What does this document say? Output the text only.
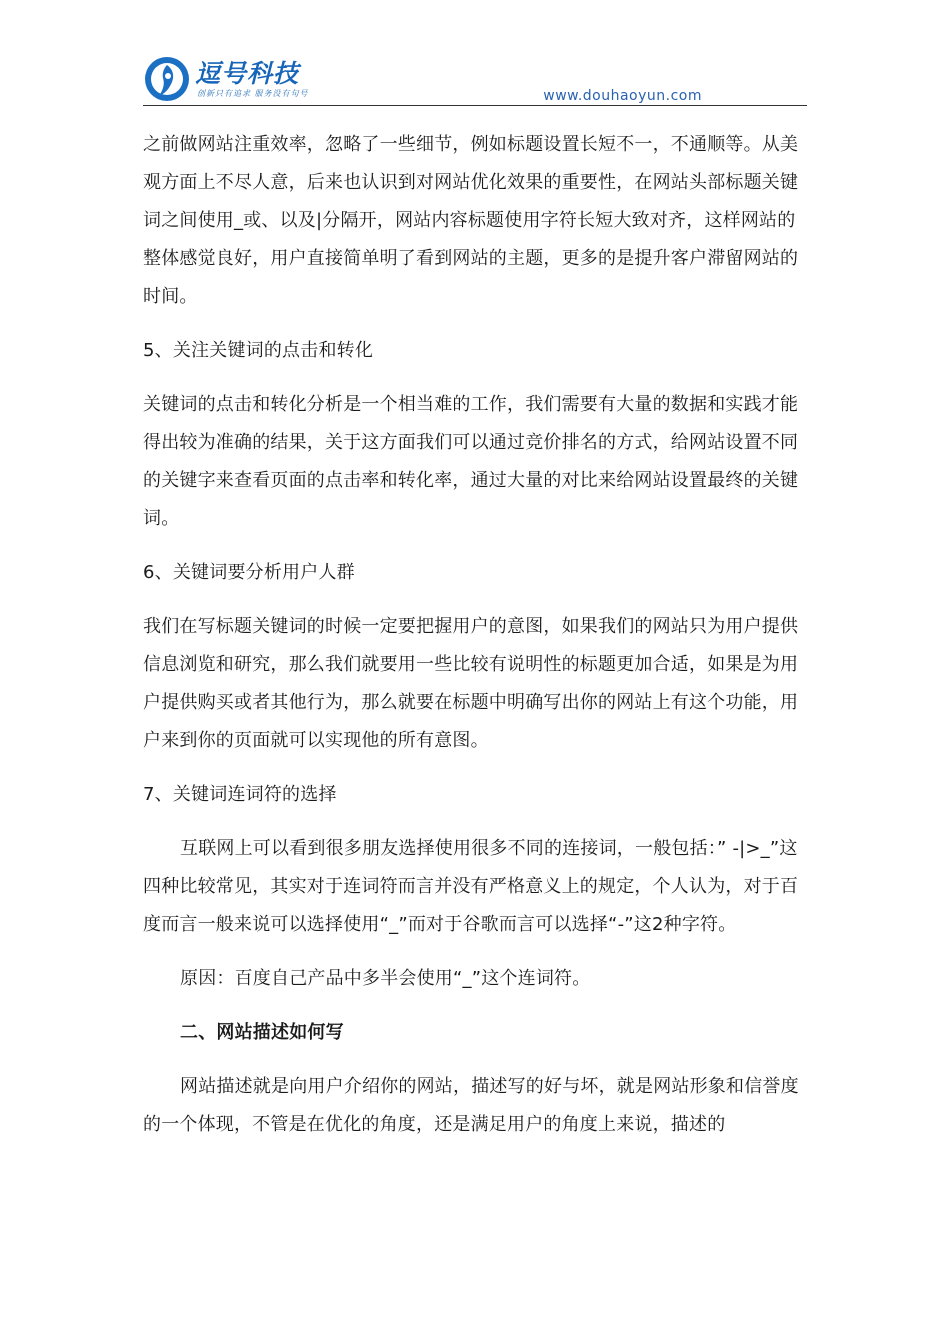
逗号科技
创新只有追求 服务没有句号	www.douhaoyun.com

之前做网站注重效率，忽略了一些细节，例如标题设置长短不一，不通顺等。从美观方面上不尽人意，后来也认识到对网站优化效果的重要性，在网站头部标题关键词之间使用_或、以及|分隔开，网站内容标题使用字符长短大致对齐，这样网站的整体感觉良好，用户直接简单明了看到网站的主题，更多的是提升客户滞留网站的时间。

5、关注关键词的点击和转化

关键词的点击和转化分析是一个相当难的工作，我们需要有大量的数据和实践才能得出较为准确的结果，关于这方面我们可以通过竞价排名的方式，给网站设置不同的关键字来查看页面的点击率和转化率，通过大量的对比来给网站设置最终的关键词。

6、关键词要分析用户人群

我们在写标题关键词的时候一定要把握用户的意图，如果我们的网站只为用户提供信息浏览和研究，那么我们就要用一些比较有说明性的标题更加合适，如果是为用户提供购买或者其他行为，那么就要在标题中明确写出你的网站上有这个功能，用户来到你的页面就可以实现他的所有意图。

7、关键词连词符的选择

互联网上可以看到很多朋友选择使用很多不同的连接词，一般包括：” -|>_”这四种比较常见，其实对于连词符而言并没有严格意义上的规定，个人认为，对于百度而言一般来说可以选择使用“_”而对于谷歌而言可以选择“-”这2种字符。

原因：百度自己产品中多半会使用“_”这个连词符。

二、网站描述如何写

网站描述就是向用户介绍你的网站，描述写的好与坏，就是网站形象和信誉度的一个体现，不管是在优化的角度，还是满足用户的角度上来说，描述的
